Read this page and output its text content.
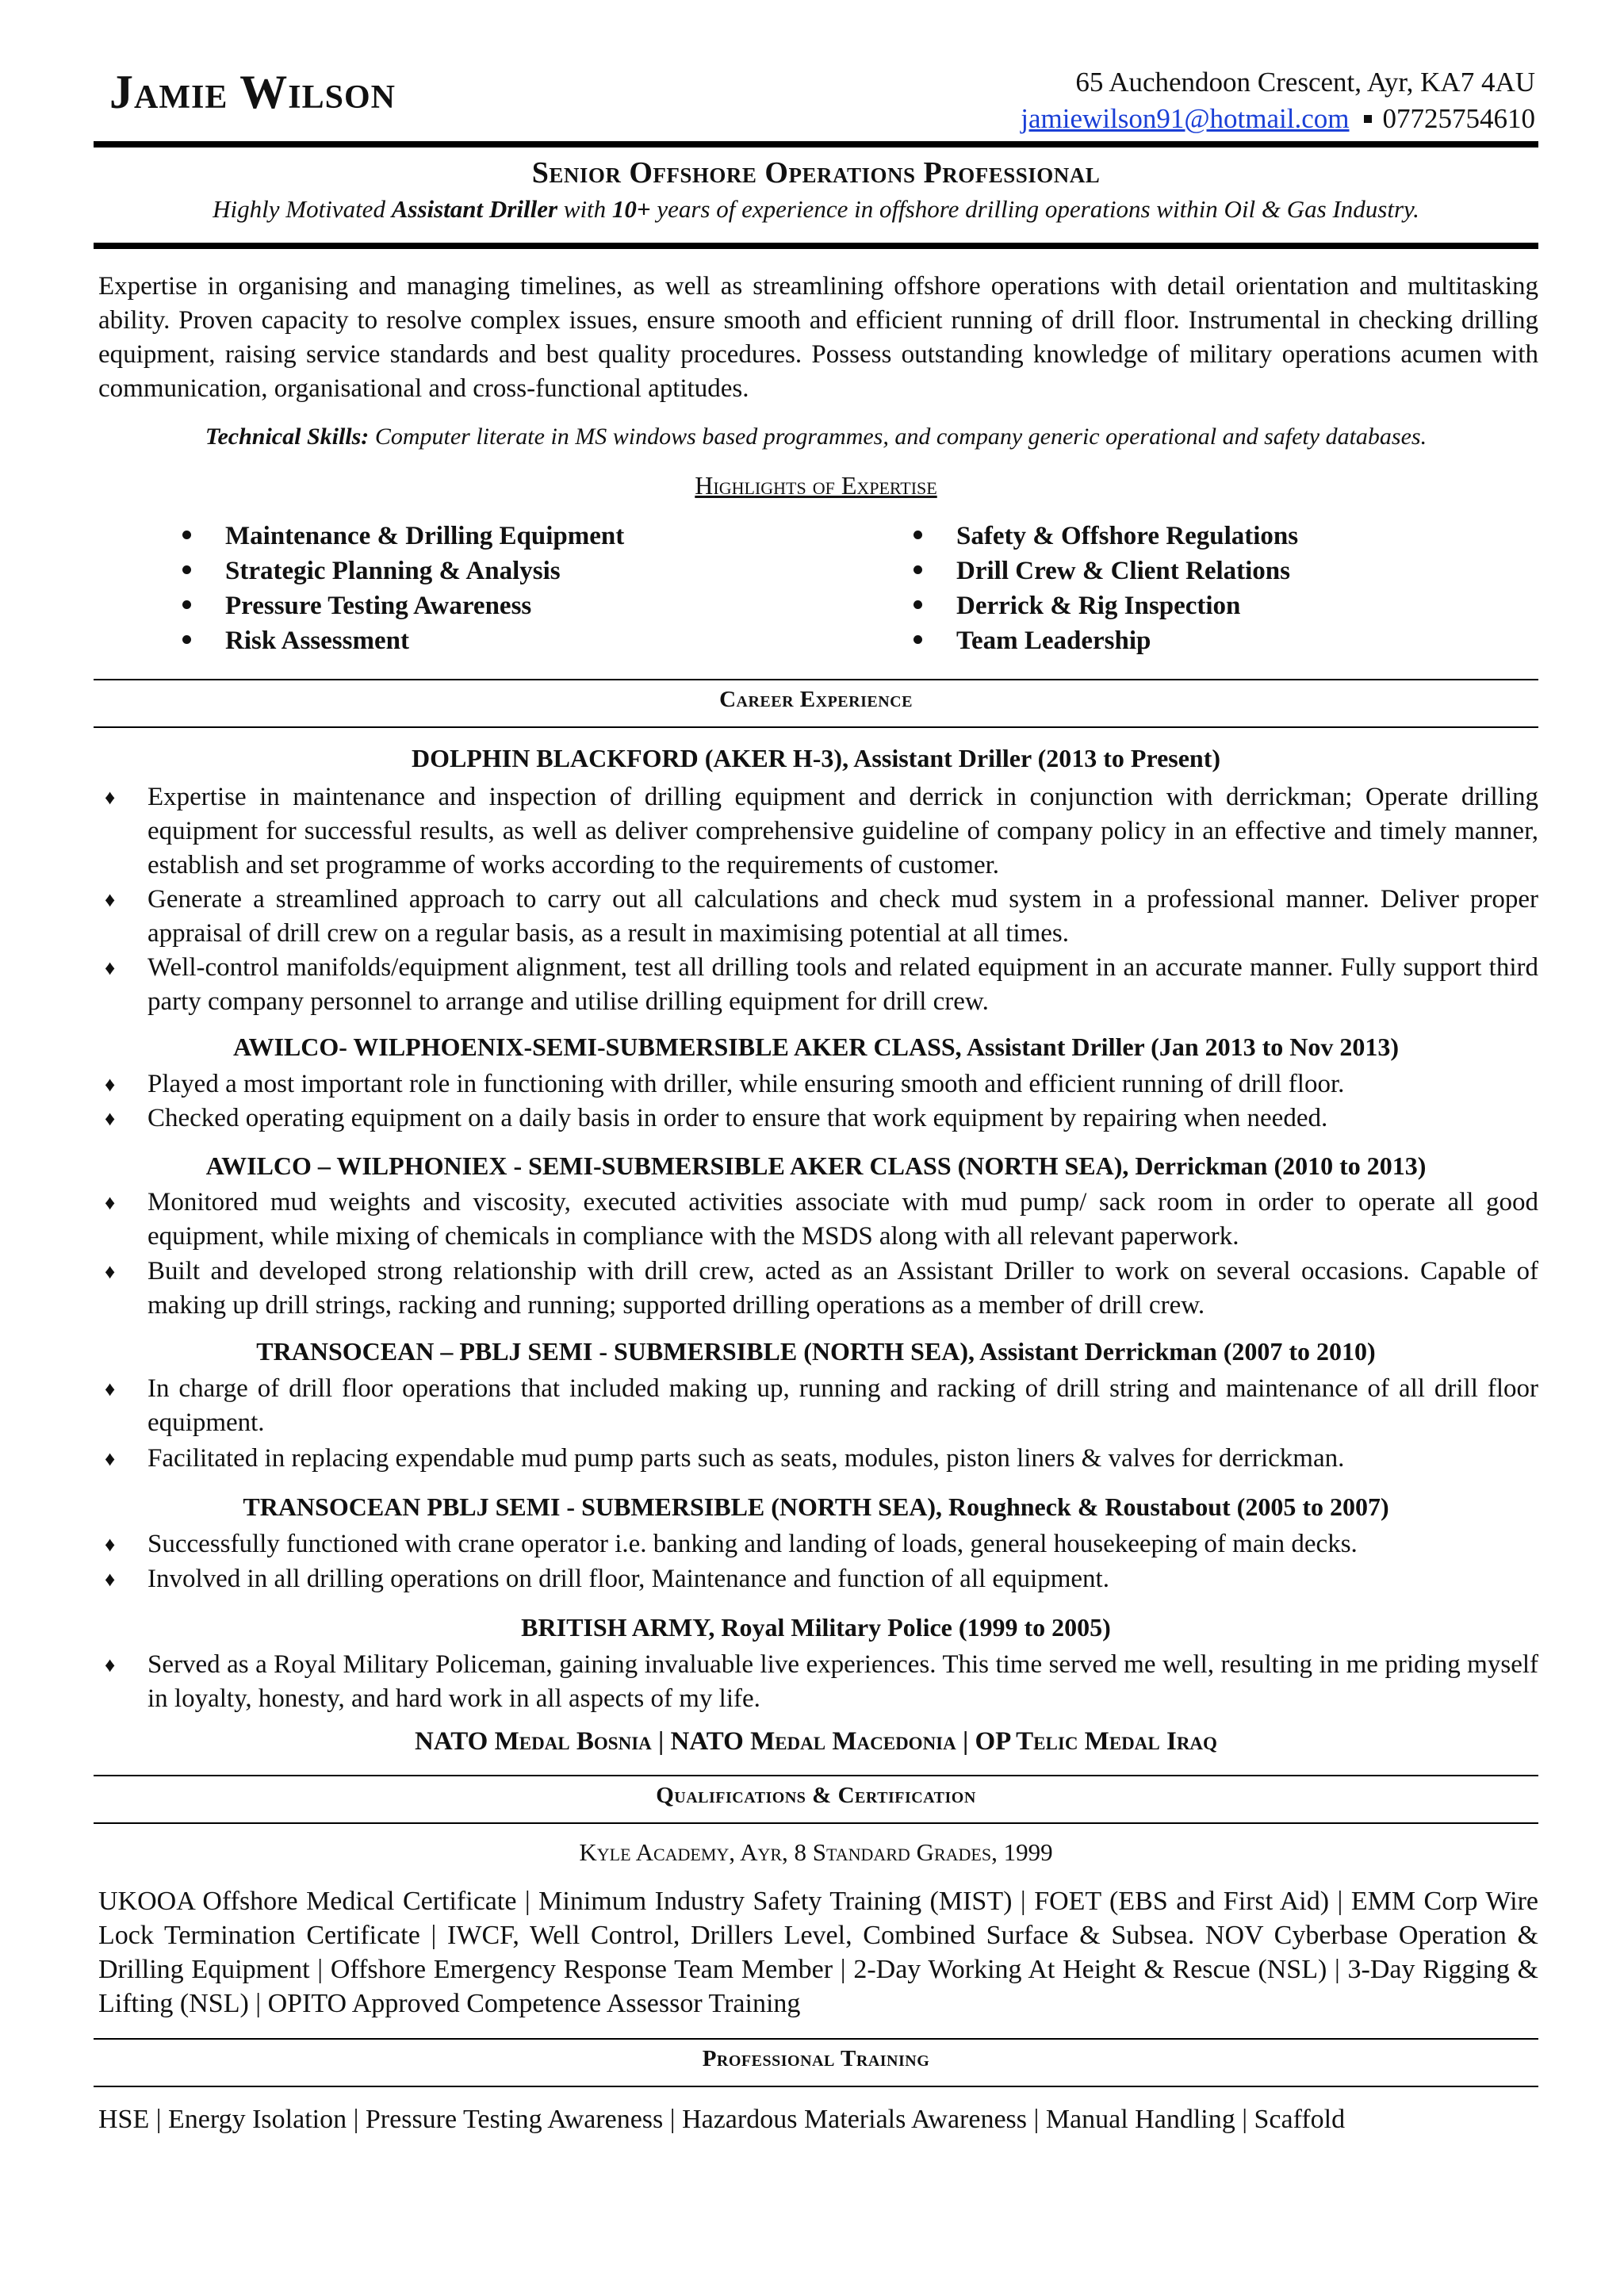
Jamie Wilson	65 Auchendoon Crescent, Ayr, KA7 4AU
jamiewilson91@hotmail.com 07725754610
Senior Offshore Operations Professional
Highly Motivated Assistant Driller with 10+ years of experience in offshore drilling operations within Oil & Gas Industry.
Expertise in organising and managing timelines, as well as streamlining offshore operations with detail orientation and multitasking ability. Proven capacity to resolve complex issues, ensure smooth and efficient running of drill floor. Instrumental in checking drilling equipment, raising service standards and best quality procedures. Possess outstanding knowledge of military operations acumen with communication, organisational and cross-functional aptitudes.
Technical Skills: Computer literate in MS windows based programmes, and company generic operational and safety databases.
Highlights of Expertise
Maintenance & Drilling Equipment
Strategic Planning & Analysis
Pressure Testing Awareness
Risk Assessment
Safety & Offshore Regulations
Drill Crew & Client Relations
Derrick & Rig Inspection
Team Leadership
Career Experience
DOLPHIN BLACKFORD (AKER H-3), Assistant Driller (2013 to Present)
♦ Expertise in maintenance and inspection of drilling equipment and derrick in conjunction with derrickman; Operate drilling equipment for successful results, as well as deliver comprehensive guideline of company policy in an effective and timely manner, establish and set programme of works according to the requirements of customer.
♦ Generate a streamlined approach to carry out all calculations and check mud system in a professional manner. Deliver proper appraisal of drill crew on a regular basis, as a result in maximising potential at all times.
♦ Well-control manifolds/equipment alignment, test all drilling tools and related equipment in an accurate manner. Fully support third party company personnel to arrange and utilise drilling equipment for drill crew.
AWILCO- WILPHOENIX-SEMI-SUBMERSIBLE AKER CLASS, Assistant Driller (Jan 2013 to Nov 2013)
♦ Played a most important role in functioning with driller, while ensuring smooth and efficient running of drill floor.
♦ Checked operating equipment on a daily basis in order to ensure that work equipment by repairing when needed.
AWILCO – WILPHONIEX - SEMI-SUBMERSIBLE AKER CLASS (NORTH SEA), Derrickman (2010 to 2013)
♦ Monitored mud weights and viscosity, executed activities associate with mud pump/ sack room in order to operate all good equipment, while mixing of chemicals in compliance with the MSDS along with all relevant paperwork.
♦ Built and developed strong relationship with drill crew, acted as an Assistant Driller to work on several occasions. Capable of making up drill strings, racking and running; supported drilling operations as a member of drill crew.
TRANSOCEAN – PBLJ SEMI - SUBMERSIBLE (NORTH SEA), Assistant Derrickman (2007 to 2010)
♦ In charge of drill floor operations that included making up, running and racking of drill string and maintenance of all drill floor equipment.
♦ Facilitated in replacing expendable mud pump parts such as seats, modules, piston liners & valves for derrickman.
TRANSOCEAN PBLJ SEMI - SUBMERSIBLE (NORTH SEA), Roughneck & Roustabout (2005 to 2007)
♦ Successfully functioned with crane operator i.e. banking and landing of loads, general housekeeping of main decks.
♦ Involved in all drilling operations on drill floor, Maintenance and function of all equipment.
BRITISH ARMY, Royal Military Police (1999 to 2005)
♦ Served as a Royal Military Policeman, gaining invaluable live experiences. This time served me well, resulting in me priding myself in loyalty, honesty, and hard work in all aspects of my life.
NATO Medal Bosnia | NATO Medal Macedonia | OP Telic Medal Iraq
Qualifications & Certification
Kyle Academy, Ayr, 8 Standard Grades, 1999
UKOOA Offshore Medical Certificate | Minimum Industry Safety Training (MIST) | FOET (EBS and First Aid) | EMM Corp Wire Lock Termination Certificate | IWCF, Well Control, Drillers Level, Combined Surface & Subsea. NOV Cyberbase Operation & Drilling Equipment | Offshore Emergency Response Team Member | 2-Day Working At Height & Rescue (NSL) | 3-Day Rigging & Lifting (NSL) | OPITO Approved Competence Assessor Training
Professional Training
HSE | Energy Isolation | Pressure Testing Awareness | Hazardous Materials Awareness | Manual Handling | Scaffold
